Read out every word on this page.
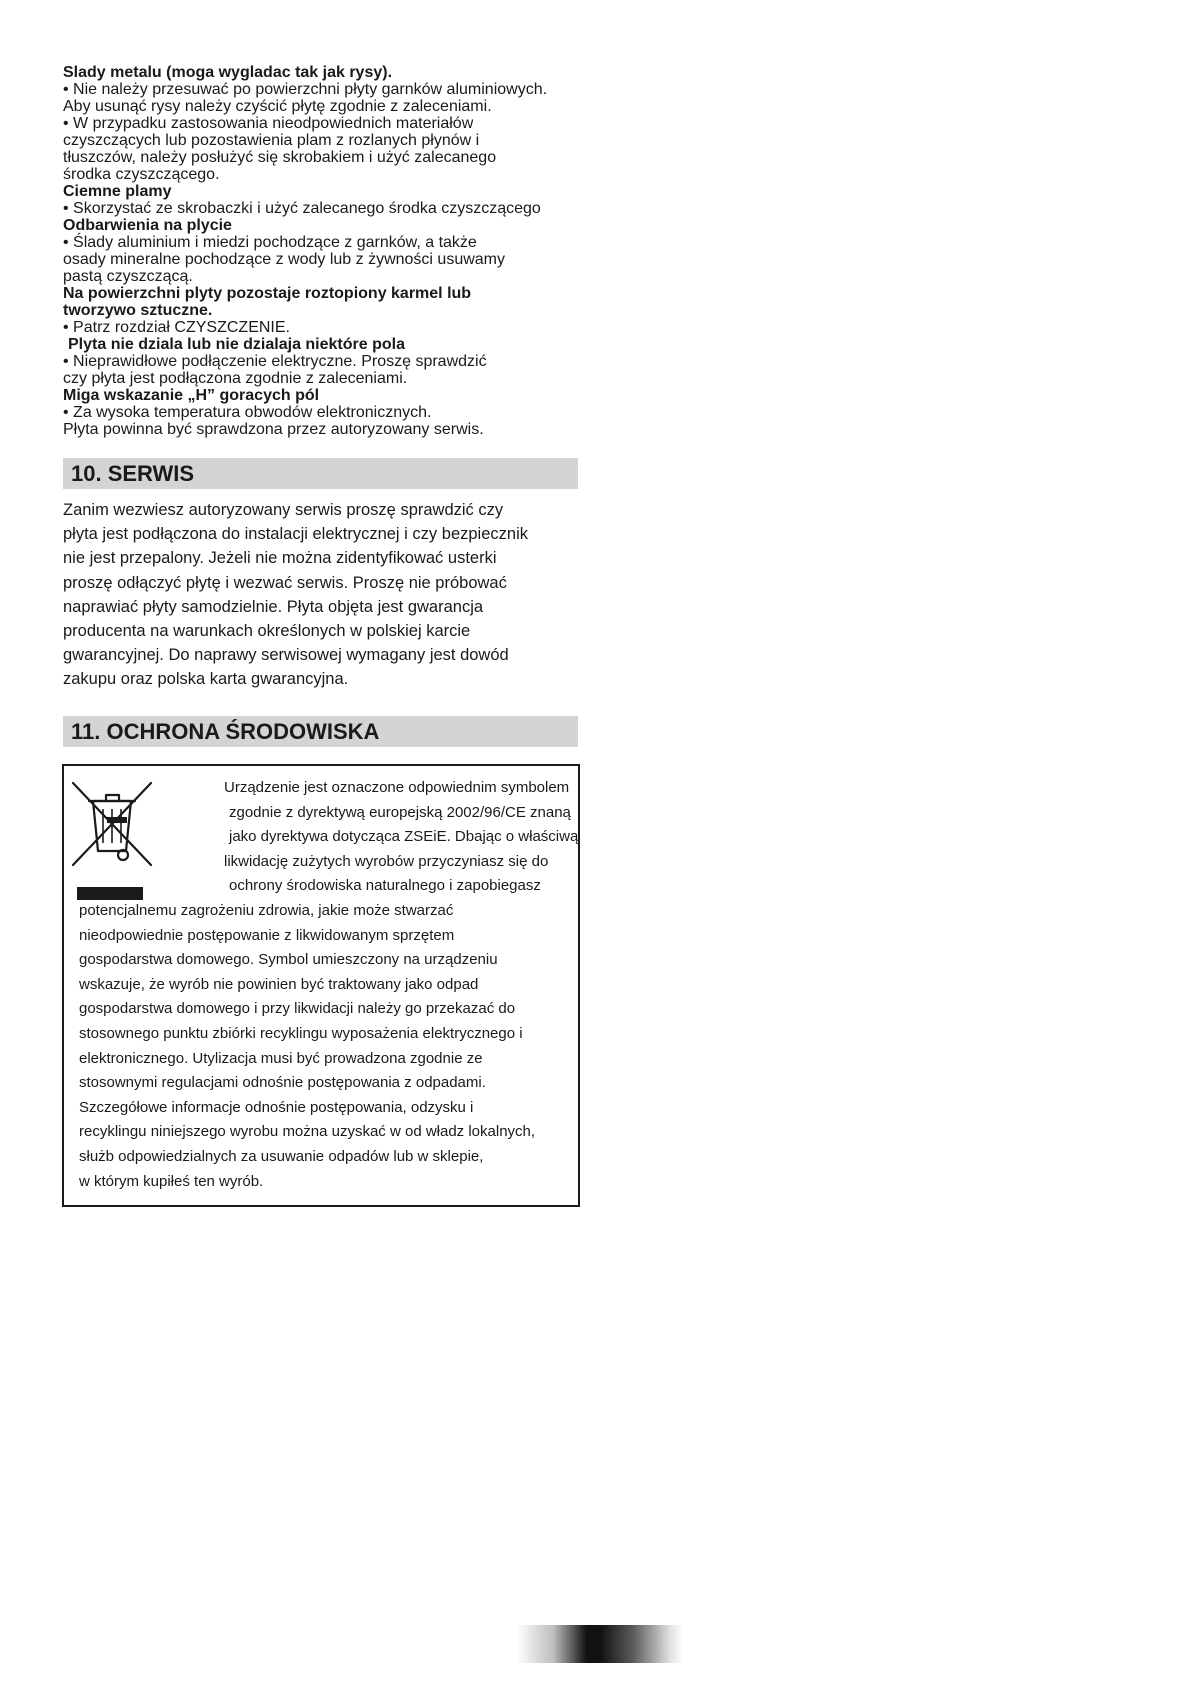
Slady metalu (moga wygladac tak jak rysy).
• Nie należy przesuwać po powierzchni płyty garnków aluminiowych.
Aby usunąć rysy należy czyścić płytę zgodnie z zaleceniami.
• W przypadku zastosowania nieodpowiednich materiałów
czyszczących lub pozostawienia plam z rozlanych płynów i
tłuszczów, należy posłużyć się skrobakiem i użyć zalecanego
środka czyszczącego.
Ciemne plamy
• Skorzystać ze skrobaczki i użyć zalecanego środka czyszczącego
Odbarwienia na plycie
• Ślady aluminium i miedzi pochodzące z garnków, a także
osady mineralne pochodzące z wody lub z żywności usuwamy
pastą czyszczącą.
Na powierzchni plyty pozostaje roztopiony karmel lub
tworzywo sztuczne.
• Patrz rozdział CZYSZCZENIE.
Plyta nie dziala lub nie dzialaja niektóre pola
• Nieprawidłowe podłączenie elektryczne. Proszę sprawdzić
czy płyta jest podłączona zgodnie z zaleceniami.
Miga wskazanie „H” goracych pól
• Za wysoka temperatura obwodów elektronicznych.
Płyta powinna być sprawdzona przez autoryzowany serwis.
10. SERWIS
Zanim wezwiesz autoryzowany serwis proszę sprawdzić czy
płyta jest podłączona do instalacji elektrycznej i czy bezpiecznik
nie jest przepalony. Jeżeli nie można zidentyfikować usterki
proszę odłączyć płytę i wezwać serwis. Proszę nie próbować
naprawiać płyty samodzielnie. Płyta objęta jest gwarancja
producenta na warunkach określonych w polskiej karcie
gwarancyjnej. Do naprawy serwisowej wymagany jest dowód
zakupu oraz polska karta gwarancyjna.
11. OCHRONA ŚRODOWISKA
Urządzenie jest oznaczone odpowiednim symbolem
zgodnie z dyrektywą europejską 2002/96/CE znaną
jako dyrektywa dotycząca ZSEiE. Dbając o właściwą
likwidację zużytych wyrobów przyczyniasz się do
ochrony środowiska naturalnego i zapobiegasz
potencjalnemu zagrożeniu zdrowia, jakie może stwarzać
nieodpowiednie postępowanie z likwidowanym sprzętem
gospodarstwa domowego. Symbol umieszczony na urządzeniu
wskazuje, że wyrób nie powinien być traktowany jako odpad
gospodarstwa domowego i przy likwidacji należy go przekazać do
stosownego punktu zbiórki recyklingu wyposażenia elektrycznego i
elektronicznego. Utylizacja musi być prowadzona zgodnie ze
stosownymi regulacjami odnośnie postępowania z odpadami.
Szczegółowe informacje odnośnie postępowania, odzysku i
recyklingu niniejszego wyrobu można uzyskać w od władz lokalnych,
służb odpowiedzialnych za usuwanie odpadów lub w sklepie,
w którym kupiłeś ten wyrób.
